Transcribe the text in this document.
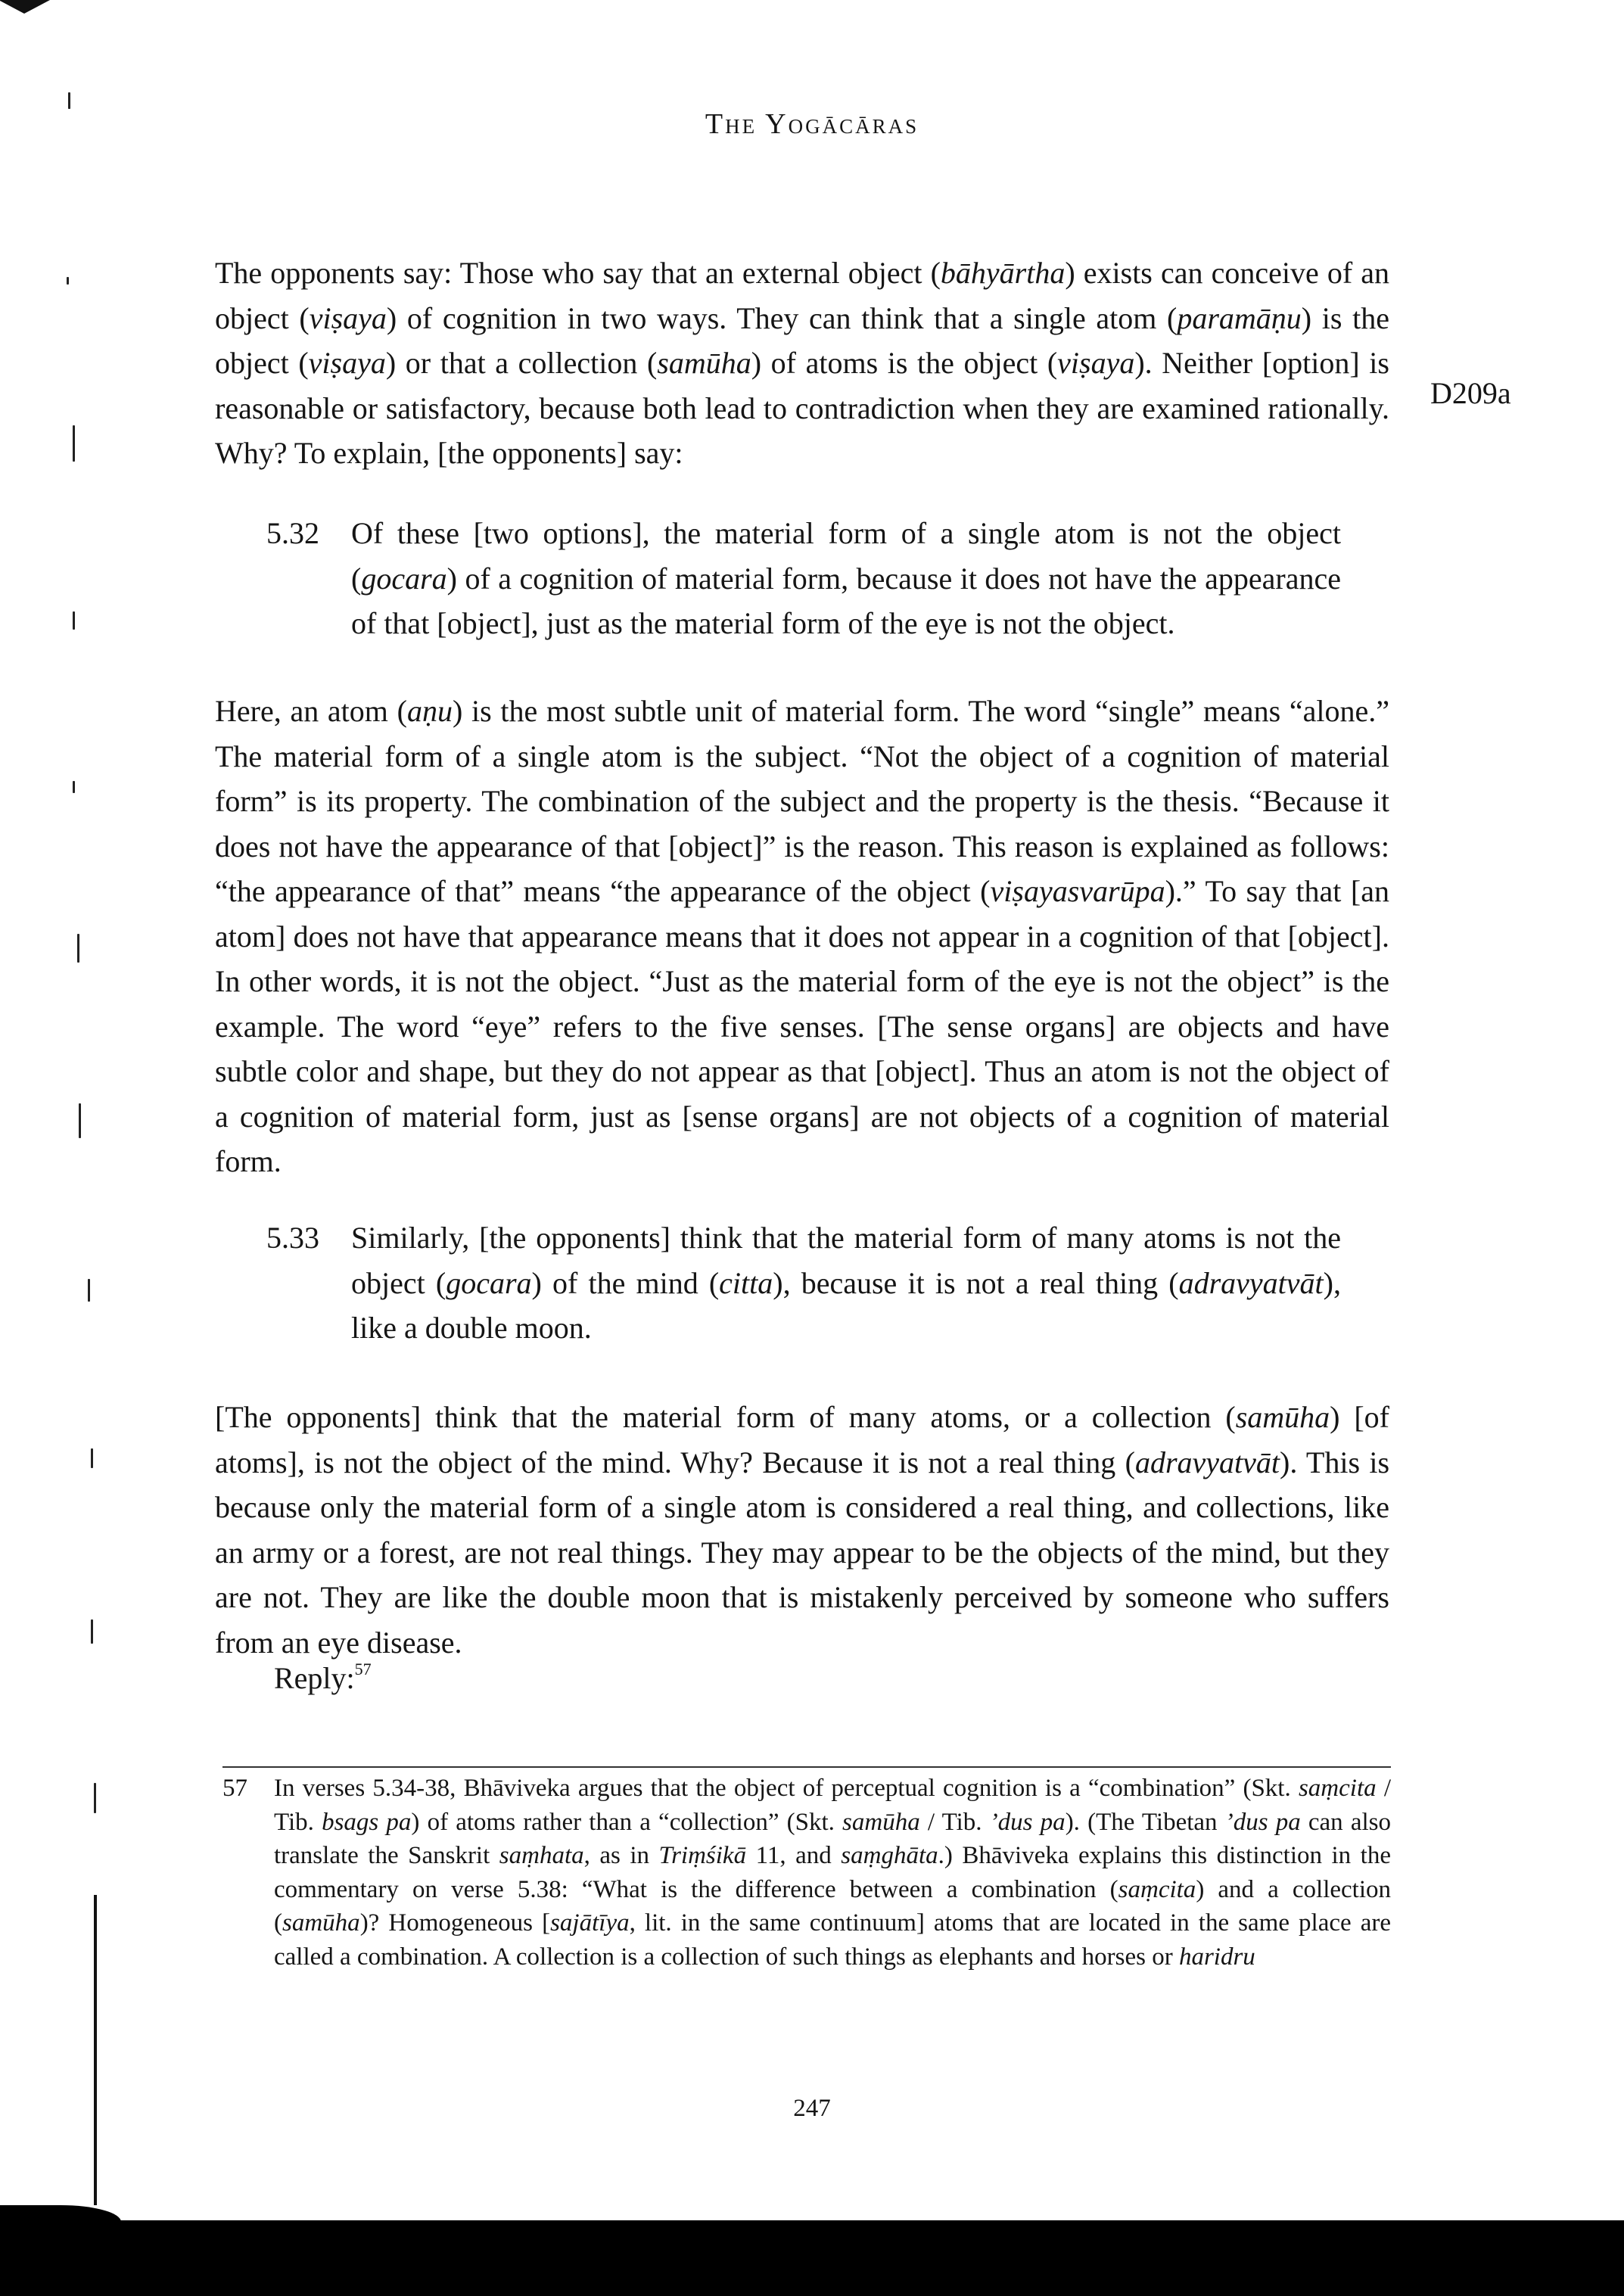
The Yogācāras
D209a

The opponents say: Those who say that an external object (bāhyārtha) exists can conceive of an object (viṣaya) of cognition in two ways. They can think that a single atom (paramāṇu) is the object (viṣaya) or that a collection (samūha) of atoms is the object (viṣaya). Neither [option] is reasonable or satisfactory, because both lead to contradiction when they are examined rationally. Why? To explain, [the opponents] say:

5.32	Of these [two options], the material form of a single atom is not the object (gocara) of a cognition of material form, because it does not have the appearance of that [object], just as the material form of the eye is not the object.

Here, an atom (aṇu) is the most subtle unit of material form. The word “single” means “alone.” The material form of a single atom is the subject. “Not the object of a cognition of material form” is its property. The combination of the subject and the property is the thesis. “Because it does not have the appearance of that [object]” is the reason. This reason is explained as follows: “the appearance of that” means “the appearance of the object (viṣayasvarūpa).” To say that [an atom] does not have that appearance means that it does not appear in a cognition of that [object]. In other words, it is not the object. “Just as the material form of the eye is not the object” is the example. The word “eye” refers to the five senses. [The sense organs] are objects and have subtle color and shape, but they do not appear as that [object]. Thus an atom is not the object of a cognition of material form, just as [sense organs] are not objects of a cognition of material form.

5.33	Similarly, [the opponents] think that the material form of many atoms is not the object (gocara) of the mind (citta), because it is not a real thing (adravyatvāt), like a double moon.

[The opponents] think that the material form of many atoms, or a collection (samūha) [of atoms], is not the object of the mind. Why? Because it is not a real thing (adravyatvāt). This is because only the material form of a single atom is considered a real thing, and collections, like an army or a forest, are not real things. They may appear to be the objects of the mind, but they are not. They are like the double moon that is mistakenly perceived by someone who suffers from an eye disease.

Reply:$^{57}$

57	In verses 5.34-38, Bhāviveka argues that the object of perceptual cognition is a “combination” (Skt. saṃcita / Tib. bsags pa) of atoms rather than a “collection” (Skt. samūha / Tib. ’dus pa). (The Tibetan ’dus pa can also translate the Sanskrit saṃhata, as in Triṃśikā 11, and saṃghāta.) Bhāviveka explains this distinction in the commentary on verse 5.38: “What is the difference between a combination (saṃcita) and a collection (samūha)? Homogeneous [sajātīya, lit. in the same continuum] atoms that are located in the same place are called a combination. A collection is a collection of such things as elephants and horses or haridru
247
